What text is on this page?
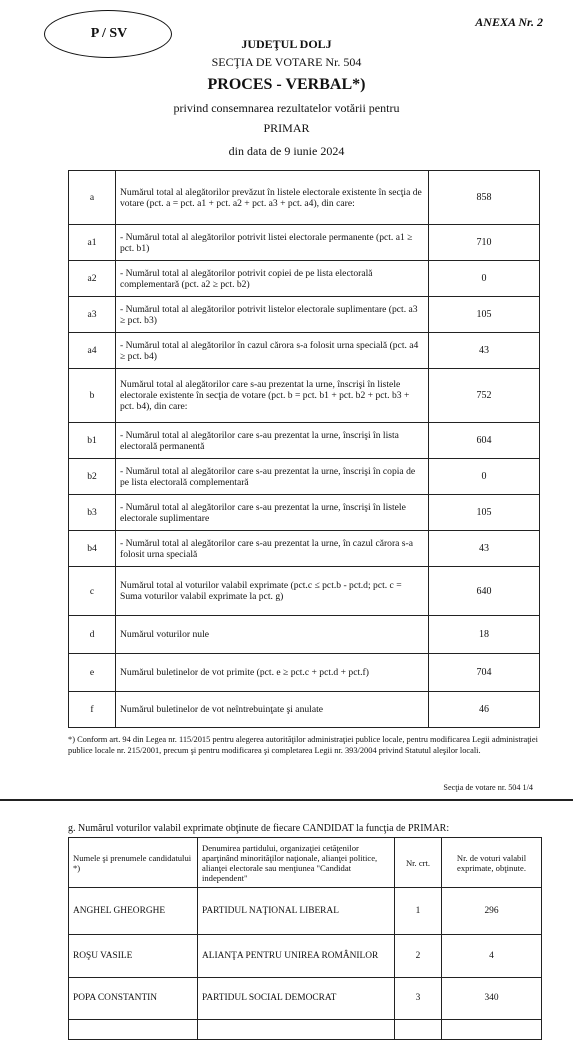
P / SV
ANEXA Nr. 2
JUDEŢUL DOLJ
SECŢIA DE VOTARE Nr. 504
PROCES - VERBAL*)
privind consemnarea rezultatelor votării pentru
PRIMAR
din data de 9 iunie 2024
a	Numărul total al alegătorilor prevăzut în listele electorale existente în secţia de votare (pct. a = pct. a1 + pct. a2 + pct. a3 + pct. a4), din care:	858
a1	- Numărul total al alegătorilor potrivit listei electorale permanente (pct. a1 ≥ pct. b1)	710
a2	- Numărul total al alegătorilor potrivit copiei de pe lista electorală complementară (pct. a2 ≥ pct. b2)	0
a3	- Numărul total al alegătorilor potrivit listelor electorale suplimentare (pct. a3 ≥ pct. b3)	105
a4	- Numărul total al alegătorilor în cazul cărora s-a folosit urna specială (pct. a4 ≥ pct. b4)	43
b	Numărul total al alegătorilor care s-au prezentat la urne, înscrişi în listele electorale existente în secţia de votare (pct. b = pct. b1 + pct. b2 + pct. b3 + pct. b4), din care:	752
b1	- Numărul total al alegătorilor care s-au prezentat la urne, înscrişi în lista electorală permanentă	604
b2	- Numărul total al alegătorilor care s-au prezentat la urne, înscrişi în copia de pe lista electorală complementară	0
b3	- Numărul total al alegătorilor care s-au prezentat la urne, înscrişi în listele electorale suplimentare	105
b4	- Numărul total al alegătorilor care s-au prezentat la urne, în cazul cărora s-a folosit urna specială	43
c	Numărul total al voturilor valabil exprimate (pct.c ≤ pct.b - pct.d; pct. c = Suma voturilor valabil exprimate la pct. g)	640
d	Numărul voturilor nule	18
e	Numărul buletinelor de vot primite (pct. e ≥ pct.c + pct.d + pct.f)	704
f	Numărul buletinelor de vot neîntrebuinţate şi anulate	46
*) Conform art. 94 din Legea nr. 115/2015 pentru alegerea autorităţilor administraţiei publice locale, pentru modificarea Legii administraţiei publice locale nr. 215/2001, precum şi pentru modificarea şi completarea Legii nr. 393/2004 privind Statutul aleşilor locali.
Secţia de votare nr. 504 1/4
g. Numărul voturilor valabil exprimate obţinute de fiecare CANDIDAT la funcţia de PRIMAR:
Numele şi prenumele candidatului *)	Denumirea partidului, organizaţiei cetăţenilor aparţinând minorităţilor naţionale, alianţei politice, alianţei electorale sau menţiunea "Candidat independent"	Nr. crt.	Nr. de voturi valabil exprimate, obţinute.
ANGHEL GHEORGHE	PARTIDUL NAŢIONAL LIBERAL	1	296
ROŞU VASILE	ALIANŢA PENTRU UNIREA ROMÂNILOR	2	4
POPA CONSTANTIN	PARTIDUL SOCIAL DEMOCRAT	3	340
